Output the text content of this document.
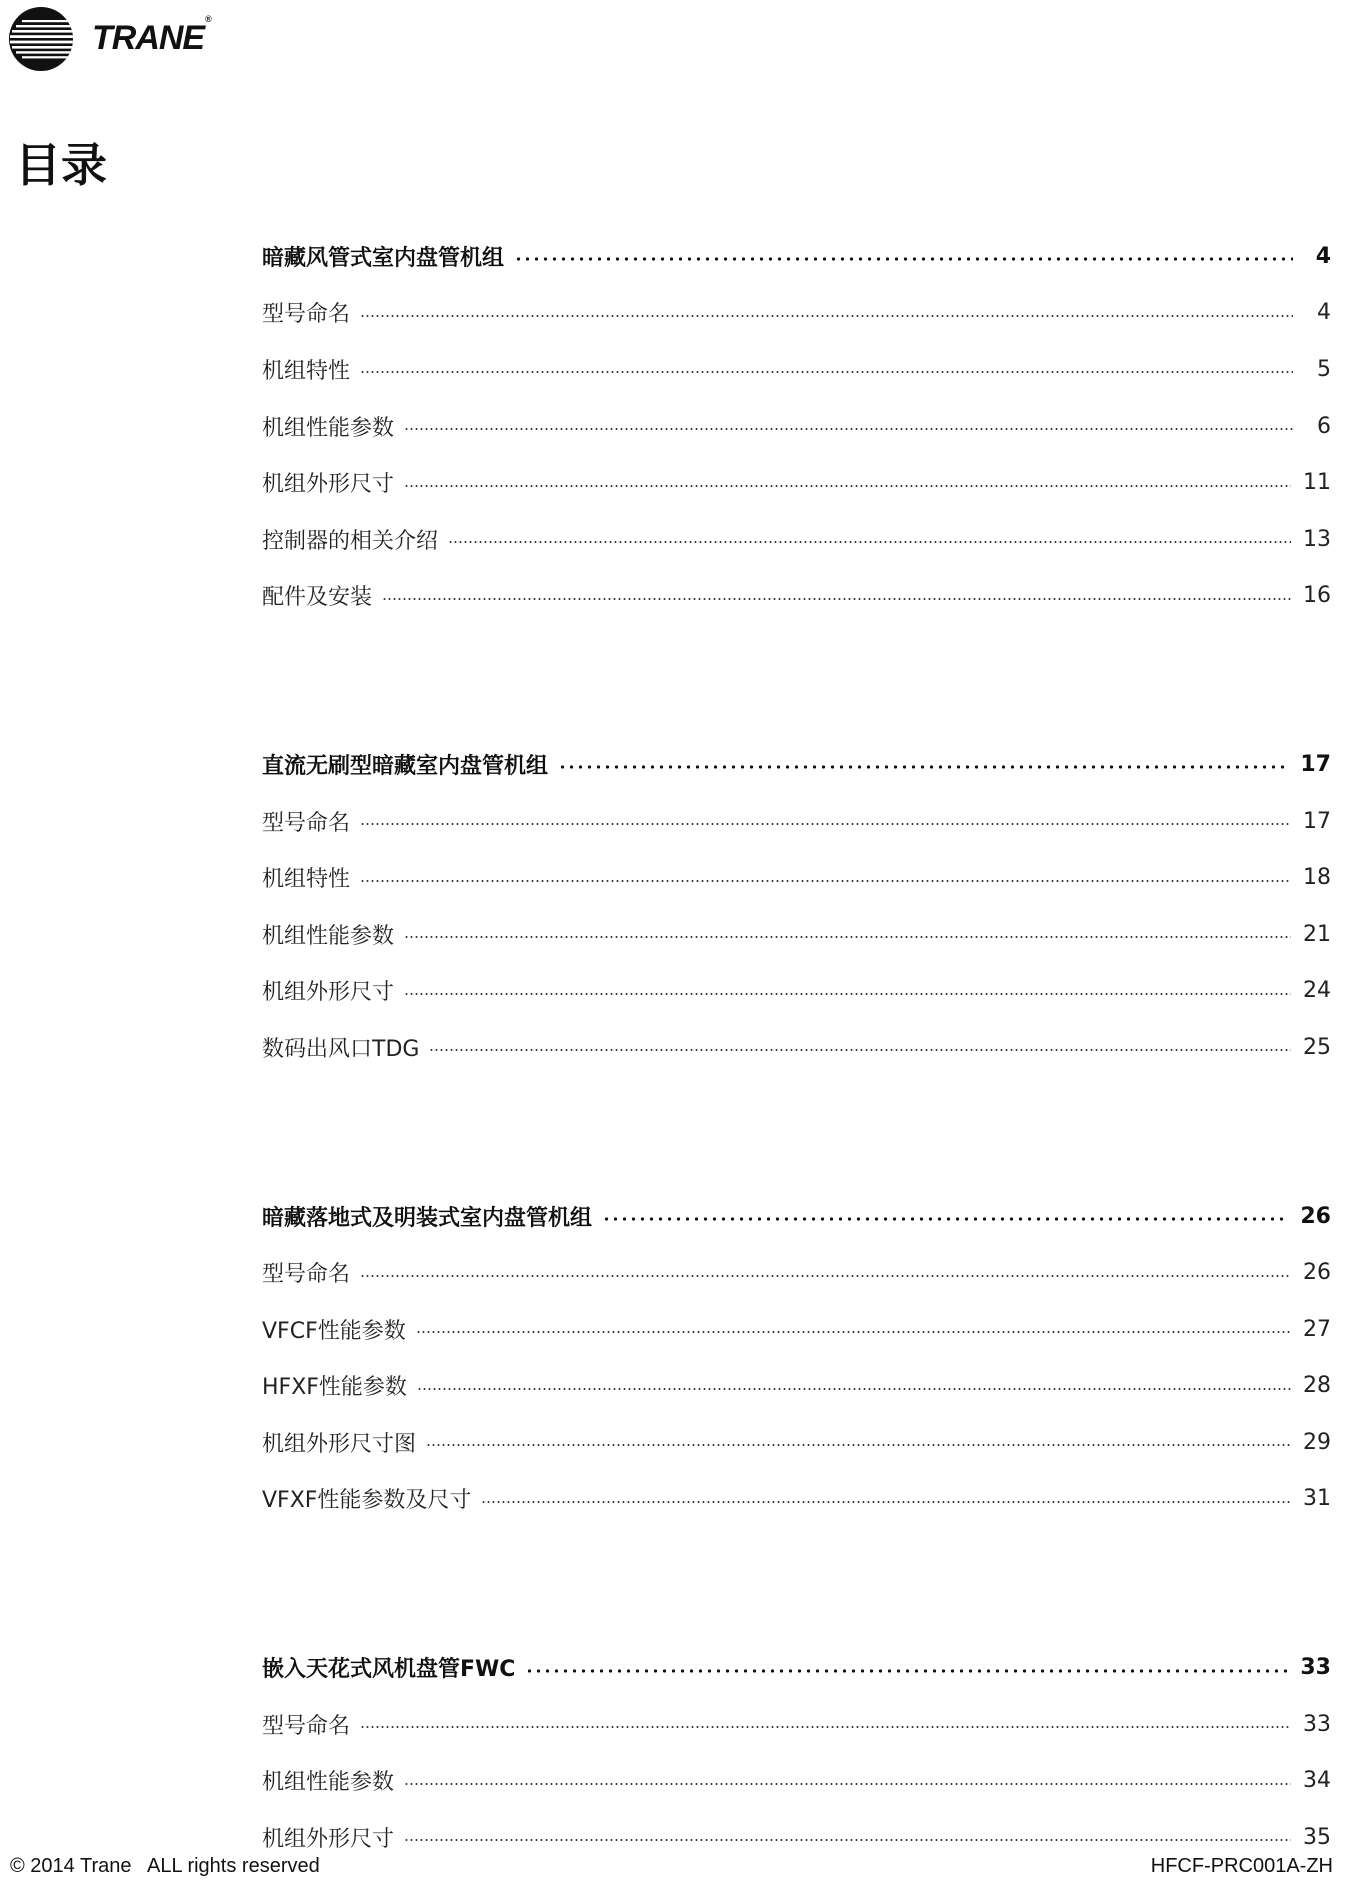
TRANE®
目录
暗藏风管式室内盘管机组	4
型号命名	4
机组特性	5
机组性能参数	6
机组外形尺寸	11
控制器的相关介绍	13
配件及安装	16
直流无刷型暗藏室内盘管机组	17
型号命名	17
机组特性	18
机组性能参数	21
机组外形尺寸	24
数码出风口TDG	25
暗藏落地式及明装式室内盘管机组	26
型号命名	26
VFCF性能参数	27
HFXF性能参数	28
机组外形尺寸图	29
VFXF性能参数及尺寸	31
嵌入天花式风机盘管FWC	33
型号命名	33
机组性能参数	34
机组外形尺寸	35
© 2014 Trane   ALL rights reserved	HFCF-PRC001A-ZH
